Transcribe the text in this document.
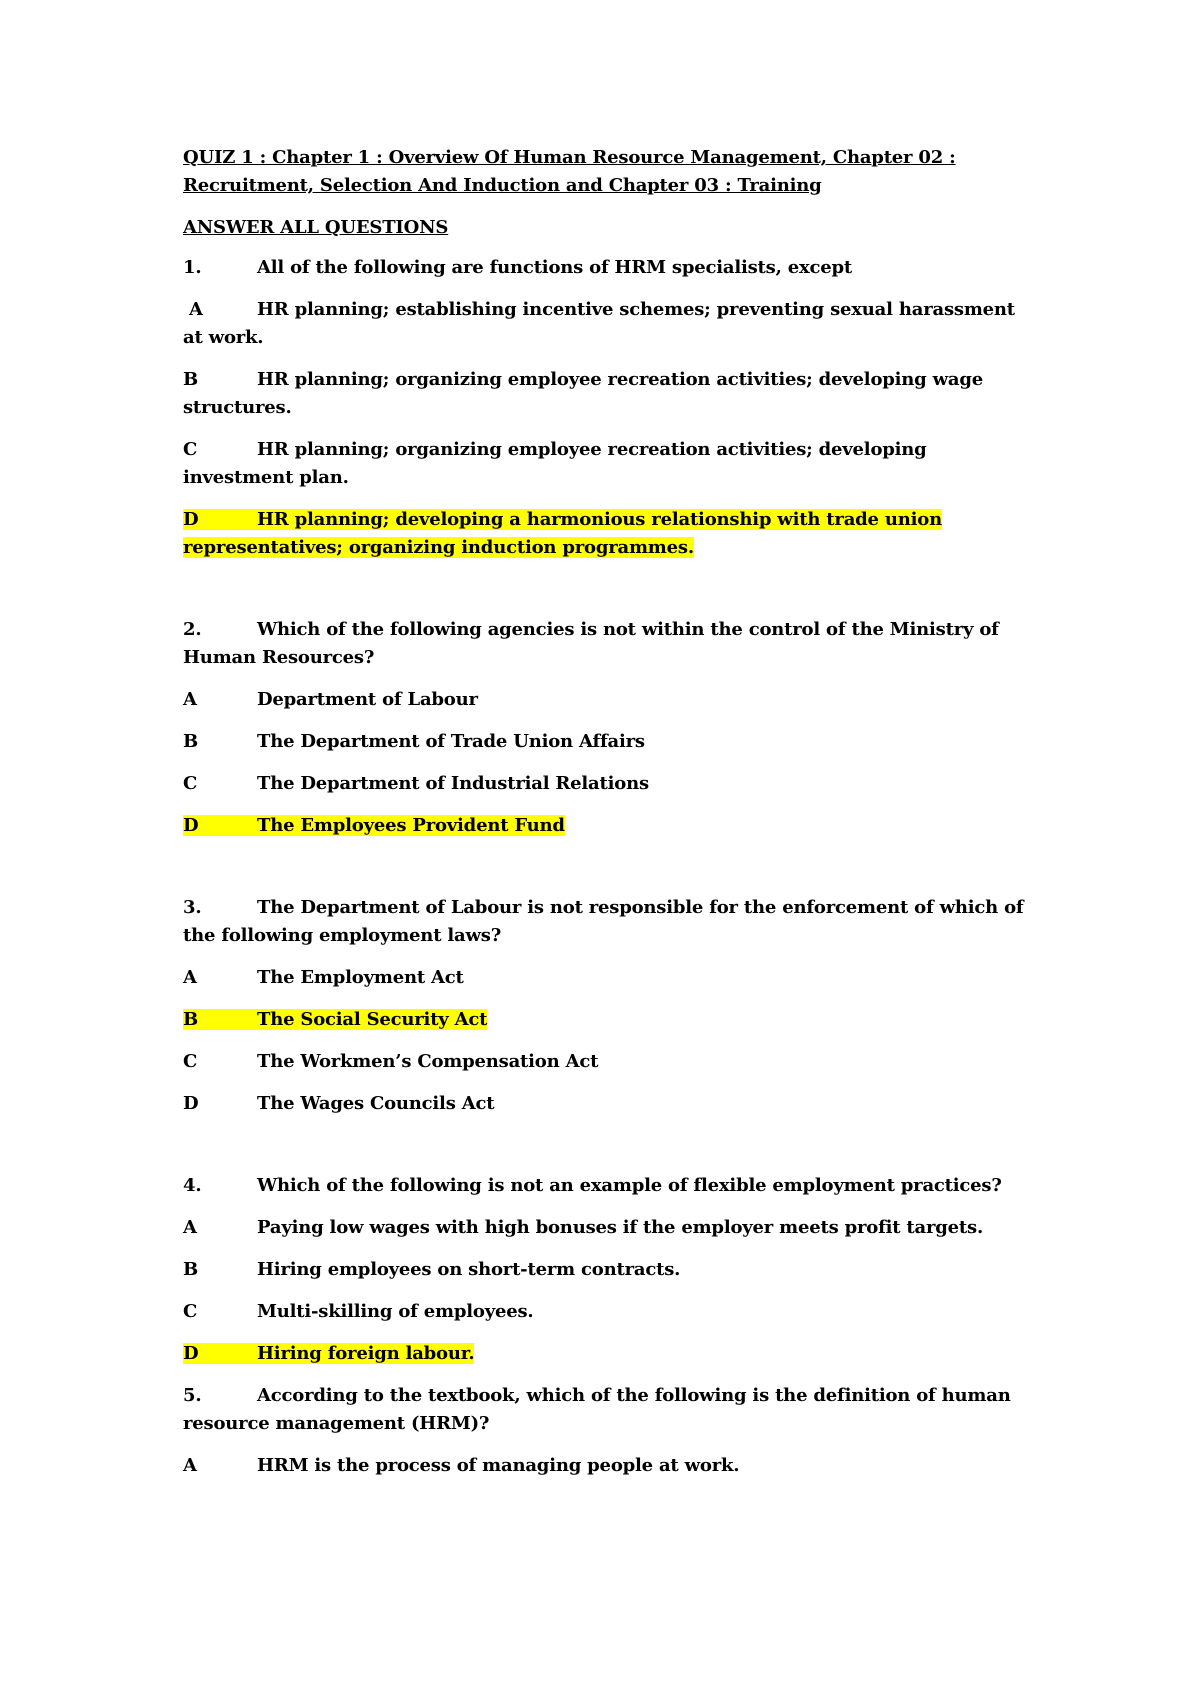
QUIZ 1 : Chapter 1 : Overview Of Human Resource Management, Chapter 02 : Recruitment, Selection And Induction and Chapter 03 : Training
ANSWER ALL QUESTIONS
1.	All of the following are functions of HRM specialists, except
A	HR planning; establishing incentive schemes; preventing sexual harassment at work.
B	HR planning; organizing employee recreation activities; developing wage structures.
C	HR planning; organizing employee recreation activities; developing investment plan.
D	HR planning; developing a harmonious relationship with trade union representatives; organizing induction programmes.
2.	Which of the following agencies is not within the control of the Ministry of Human Resources?
A	Department of Labour
B	The Department of Trade Union Affairs
C	The Department of Industrial Relations
D	The Employees Provident Fund
3.	The Department of Labour is not responsible for the enforcement of which of the following employment laws?
A	The Employment Act
B	The Social Security Act
C	The Workmen’s Compensation Act
D	The Wages Councils Act
4.	Which of the following is not an example of flexible employment practices?
A	Paying low wages with high bonuses if the employer meets profit targets.
B	Hiring employees on short-term contracts.
C	Multi-skilling of employees.
D	Hiring foreign labour.
5.	According to the textbook, which of the following is the definition of human resource management (HRM)?
A	HRM is the process of managing people at work.
